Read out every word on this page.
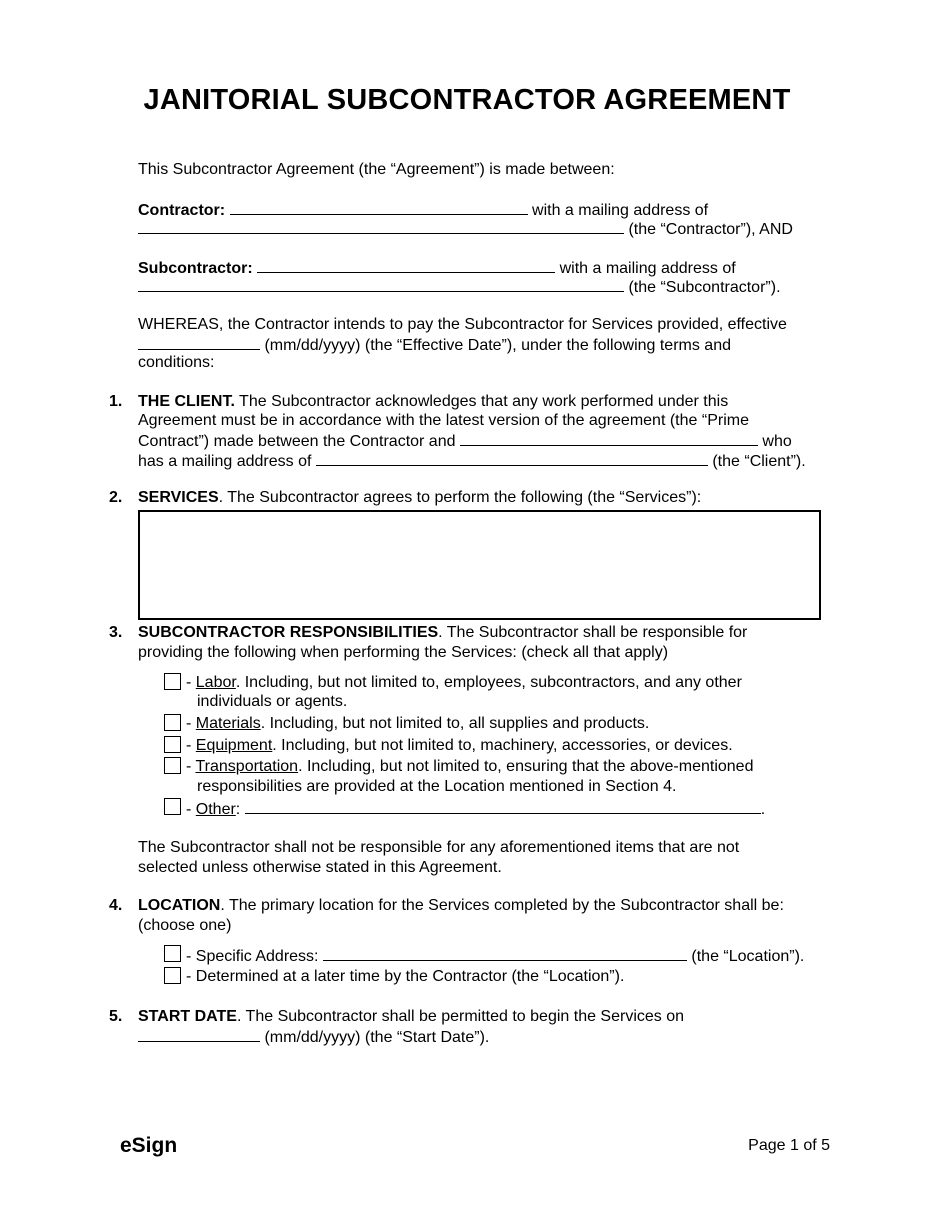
JANITORIAL SUBCONTRACTOR AGREEMENT
This Subcontractor Agreement (the “Agreement”) is made between:
Contractor:	with a mailing address of
(the “Contractor”), AND
Subcontractor:	with a mailing address of
(the “Subcontractor”).
WHEREAS, the Contractor intends to pay the Subcontractor for Services provided, effective
(mm/dd/yyyy) (the “Effective Date”), under the following terms and
conditions:
1. THE CLIENT. The Subcontractor acknowledges that any work performed under this
Agreement must be in accordance with the latest version of the agreement (the “Prime
Contract”) made between the Contractor and	who
has a mailing address of	(the “Client”).
2. SERVICES. The Subcontractor agrees to perform the following (the “Services”):
3. SUBCONTRACTOR RESPONSIBILITIES. The Subcontractor shall be responsible for
providing the following when performing the Services: (check all that apply)
- Labor. Including, but not limited to, employees, subcontractors, and any other
individuals or agents.
- Materials. Including, but not limited to, all supplies and products.
- Equipment. Including, but not limited to, machinery, accessories, or devices.
- Transportation. Including, but not limited to, ensuring that the above-mentioned
responsibilities are provided at the Location mentioned in Section 4.
- Other:	.
The Subcontractor shall not be responsible for any aforementioned items that are not
selected unless otherwise stated in this Agreement.
4. LOCATION. The primary location for the Services completed by the Subcontractor shall be:
(choose one)
- Specific Address:	(the “Location”).
- Determined at a later time by the Contractor (the “Location”).
5. START DATE. The Subcontractor shall be permitted to begin the Services on
(mm/dd/yyyy) (the “Start Date”).
eSign	Page 1 of 5
